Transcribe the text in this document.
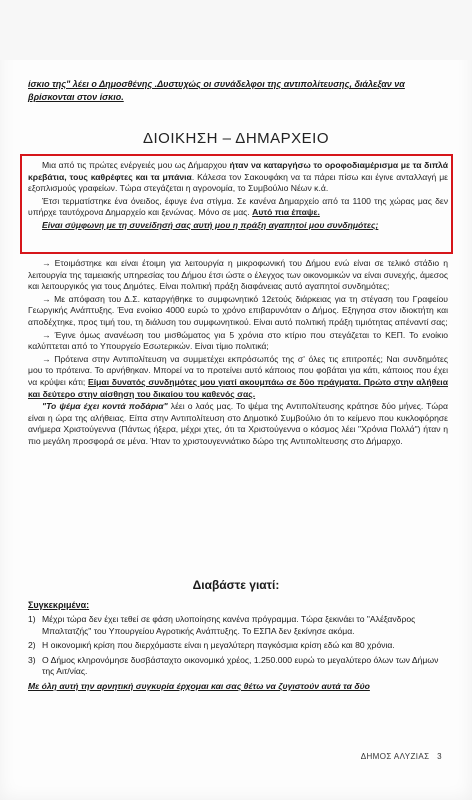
ίσκιο της" λέει ο Δημοσθένης .Δυστυχώς οι συνάδελφοι της αντιπολίτευσης, διάλεξαν να βρίσκονται στον ίσκιο.
ΔΙΟΙΚΗΣΗ – ΔΗΜΑΡΧΕΙΟ

Μια από τις πρώτες ενέργειές μου ως Δήμαρχου ήταν να καταργήσω το οροφοδιαμέρισμα με τα διπλά κρεβάτια, τους καθρέφτες και τα μπάνια. Κάλεσα τον Σακουφάκη να τα πάρει πίσω και έγινε ανταλλαγή με εξοπλισμούς γραφείων. Τώρα στεγάζεται η αγρονομία, το Συμβούλιο Νέων κ.ά.

Έτσι τερματίστηκε ένα όνειδος, έφυγε ένα στίγμα. Σε κανένα Δημαρχείο από τα 1100 της χώρας μας δεν υπήρχε ταυτόχρονα Δημαρχείο και ξενώνας. Μόνο σε μας. Αυτό πια έπαψε.

Είναι σύμφωνη με τη συνείδησή σας αυτή μου η πράξη αγαπητοί μου συνδημότες;

→ Ετοιμάστηκε και είναι έτοιμη για λειτουργία η μικροφωνική του Δήμου ενώ είναι σε τελικό στάδιο η λειτουργία της ταμειακής υπηρεσίας του Δήμου έτσι ώστε ο έλεγχος των οικονομικών να είναι συνεχής, άμεσος και λειτουργικός για τους Δημότες. Είναι πολιτική πράξη διαφάνειας αυτό αγαπητοί συνδημότες;

→ Με απόφαση του Δ.Σ. καταργήθηκε το συμφωνητικό 12ετούς διάρκειας για τη στέγαση του Γραφείου Γεωργικής Ανάπτυξης. Ένα ενοίκιο 4000 ευρώ το χρόνο επιβαρυνόταν ο Δήμος. Εξηγησα στον ιδιοκτήτη και αποδέχτηκε, προς τιμή του, τη διάλυση του συμφωνητικού. Είναι αυτό πολιτική πράξη τιμιότητας απέναντί σας;

→ Έγινε όμως ανανέωση του μισθώματος για 5 χρόνια στο κτίριο που στεγάζεται το ΚΕΠ. Το ενοίκιο καλύπτεται από το Υπουργείο Εσωτερικών. Είναι τίμιο πολιτικά;

→ Πρότεινα στην Αντιπολίτευση να συμμετέχει εκπρόσωπός της σ' όλες τις επιτροπές; Ναι συνδημότες μου το πρότεινα. Το αρνήθηκαν. Μπορεί να το προτείνει αυτό κάποιος που φοβάται για κάτι, κάποιος που έχει να κρύψει κάτι; Είμαι δυνατός συνδημότες μου γιατί ακουμπάω σε δύο πράγματα. Πρώτο στην αλήθεια και δεύτερο στην αίσθηση του δικαίου του καθενός σας.

"Το ψέμα έχει κοντά ποδάρια" λέει ο λαός μας. Το ψέμα της Αντιπολίτευσης κράτησε δύο μήνες. Τώρα είναι η ώρα της αλήθειας. Είπα στην Αντιπολίτευση στο Δημοτικό Συμβούλιο ότι το κείμενο που κυκλοφόρησε ανήμερα Χριστούγεννα (Πάντως ήξερα, μέχρι χτες, ότι τα Χριστούγεννα ο κόσμος λέει "Χρόνια Πολλά") ήταν η πιο μεγάλη προσφορά σε μένα. Ήταν το χριστουγεννιάτικο δώρο της Αντιπολίτευσης στο Δήμαρχο.

Διαβάστε γιατί:
Συγκεκριμένα:
1) Μέχρι τώρα δεν έχει τεθεί σε φάση υλοποίησης κανένα πρόγραμμα. Τώρα ξεκινάει το "Αλέξανδρος Μπαλτατζής" του Υπουργείου Αγροτικής Ανάπτυξης. Το ΕΣΠΑ δεν ξεκίνησε ακόμα.
2) Η οικονομική κρίση που διερχόμαστε είναι η μεγαλύτερη παγκόσμια κρίση εδώ και 80 χρόνια.
3) Ο Δήμος κληρονόμησε δυσβάσταχτο οικονομικό χρέος, 1.250.000 ευρώ το μεγαλύτερο όλων των Δήμων της Αιτ/νίας.
Με όλη αυτή την αρνητική συγκυρία έρχομαι και σας θέτω να ζυγιστούν αυτά τα δύο
ΔΗΜΟΣ ΑΛΥΖΙΑΣ 3
